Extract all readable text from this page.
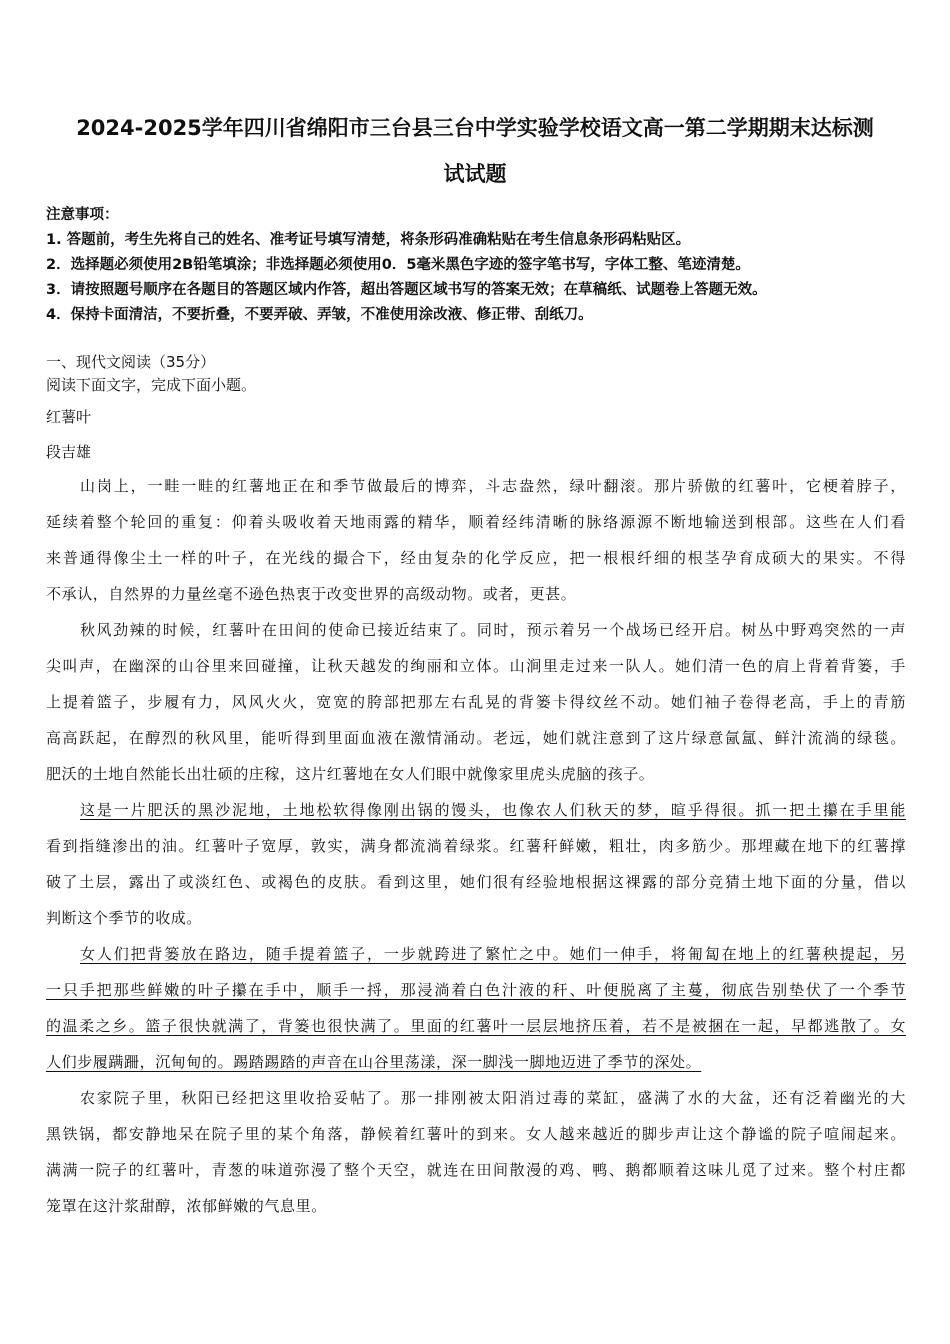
2024-2025学年四川省绵阳市三台县三台中学实验学校语文高一第二学期期末达标测
试试题
注意事项：
1. 答题前，考生先将自己的姓名、准考证号填写清楚，将条形码准确粘贴在考生信息条形码粘贴区。
2．选择题必须使用2B铅笔填涂；非选择题必须使用0．5毫米黑色字迹的签字笔书写，字体工整、笔迹清楚。
3．请按照题号顺序在各题目的答题区域内作答，超出答题区域书写的答案无效；在草稿纸、试题卷上答题无效。
4．保持卡面清洁，不要折叠，不要弄破、弄皱，不准使用涂改液、修正带、刮纸刀。
一、现代文阅读（35分）
阅读下面文字，完成下面小题。
红薯叶
段吉雄
山岗上，一畦一畦的红薯地正在和季节做最后的博弈，斗志盎然，绿叶翻滚。那片骄傲的红薯叶，它梗着脖子，
延续着整个轮回的重复：仰着头吸收着天地雨露的精华，顺着经纬清晰的脉络源源不断地输送到根部。这些在人们看
来普通得像尘土一样的叶子，在光线的撮合下，经由复杂的化学反应，把一根根纤细的根茎孕育成硕大的果实。不得
不承认，自然界的力量丝毫不逊色热衷于改变世界的高级动物。或者，更甚。
秋风劲辣的时候，红薯叶在田间的使命已接近结束了。同时，预示着另一个战场已经开启。树丛中野鸡突然的一声
尖叫声，在幽深的山谷里来回碰撞，让秋天越发的绚丽和立体。山涧里走过来一队人。她们清一色的肩上背着背篓，手
上提着篮子，步履有力，风风火火，宽宽的胯部把那左右乱晃的背篓卡得纹丝不动。她们袖子卷得老高，手上的青筋
高高跃起，在醇烈的秋风里，能听得到里面血液在激情涌动。老远，她们就注意到了这片绿意氤氲、鲜汁流淌的绿毯。
肥沃的土地自然能长出壮硕的庄稼，这片红薯地在女人们眼中就像家里虎头虎脑的孩子。
这是一片肥沃的黑沙泥地，土地松软得像刚出锅的馒头，也像农人们秋天的梦，暄乎得很。抓一把土攥在手里能
看到指缝渗出的油。红薯叶子宽厚，敦实，满身都流淌着绿浆。红薯秆鲜嫩，粗壮，肉多筋少。那埋藏在地下的红薯撑
破了土层，露出了或淡红色、或褐色的皮肤。看到这里，她们很有经验地根据这裸露的部分竞猜土地下面的分量，借以
判断这个季节的收成。
女人们把背篓放在路边，随手提着篮子，一步就跨进了繁忙之中。她们一伸手，将匍匐在地上的红薯秧提起，另
一只手把那些鲜嫩的叶子攥在手中，顺手一捋，那浸淌着白色汁液的秆、叶便脱离了主蔓，彻底告别垫伏了一个季节
的温柔之乡。篮子很快就满了，背篓也很快满了。里面的红薯叶一层层地挤压着，若不是被捆在一起，早都逃散了。女
人们步履蹒跚，沉甸甸的。踢踏踢踏的声音在山谷里荡漾，深一脚浅一脚地迈进了季节的深处。
农家院子里，秋阳已经把这里收拾妥帖了。那一排刚被太阳消过毒的菜缸，盛满了水的大盆，还有泛着幽光的大
黑铁锅，都安静地呆在院子里的某个角落，静候着红薯叶的到来。女人越来越近的脚步声让这个静谧的院子喧闹起来。
满满一院子的红薯叶，青葱的味道弥漫了整个天空，就连在田间散漫的鸡、鸭、鹅都顺着这味儿觅了过来。整个村庄都
笼罩在这汁浆甜醇，浓郁鲜嫩的气息里。
